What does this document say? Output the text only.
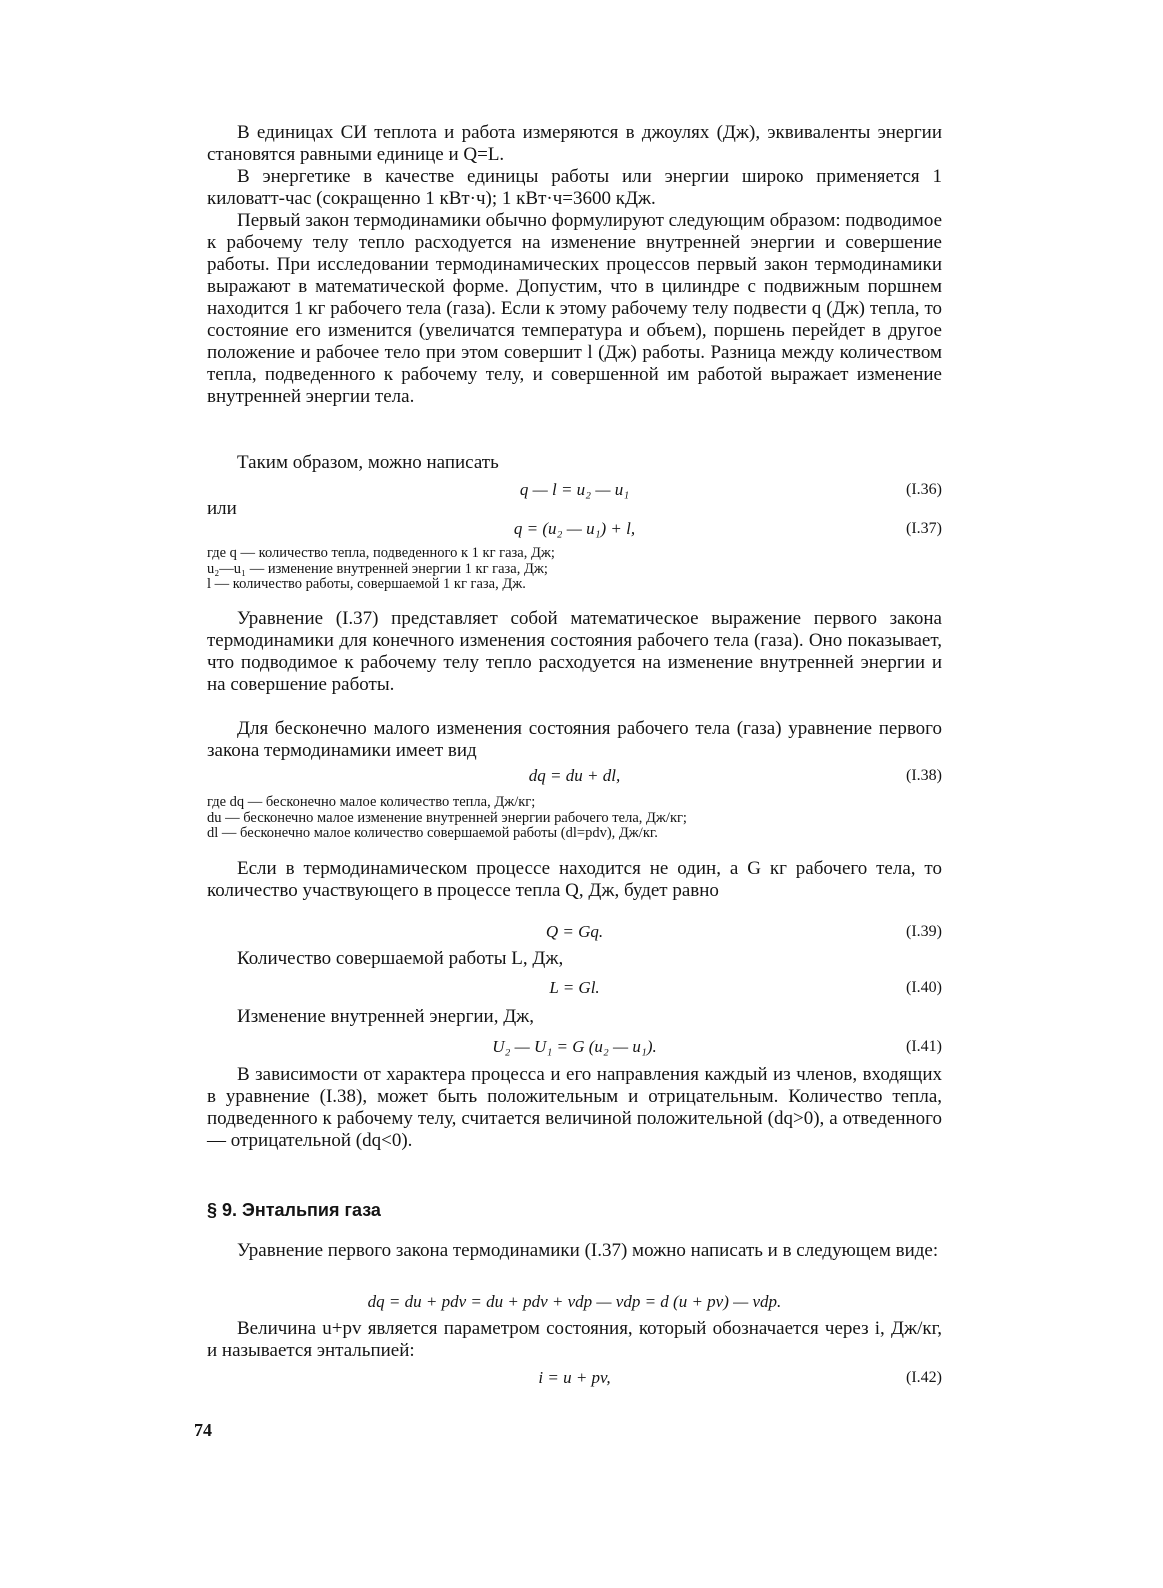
В единицах СИ теплота и работа измеряются в джоулях (Дж), эквиваленты энергии становятся равными единице и Q=L.

В энергетике в качестве единицы работы или энергии широко применяется 1 киловатт-час (сокращенно 1 кВт·ч); 1 кВт·ч=3600 кДж.

Первый закон термодинамики обычно формулируют следующим образом: подводимое к рабочему телу тепло расходуется на изменение внутренней энергии и совершение работы. При исследовании термодинамических процессов первый закон термодинамики выражают в математической форме. Допустим, что в цилиндре с подвижным поршнем находится 1 кг рабочего тела (газа). Если к этому рабочему телу подвести q (Дж) тепла, то состояние его изменится (увеличатся температура и объем), поршень перейдет в другое положение и рабочее тело при этом совершит l (Дж) работы. Разница между количеством тепла, подведенного к рабочему телу, и совершенной им работой выражает изменение внутренней энергии тела.

Таким образом, можно написать

q — l = u₂ — u₁	(I.36)
или
q = (u₂ — u₁) + l,	(I.37)
где q — количество тепла, подведенного к 1 кг газа, Дж;
u₂—u₁ — изменение внутренней энергии 1 кг газа, Дж;
l — количество работы, совершаемой 1 кг газа, Дж.

Уравнение (I.37) представляет собой математическое выражение первого закона термодинамики для конечного изменения состояния рабочего тела (газа). Оно показывает, что подводимое к рабочему телу тепло расходуется на изменение внутренней энергии и на совершение работы.

Для бесконечно малого изменения состояния рабочего тела (газа) уравнение первого закона термодинамики имеет вид

dq = du + dl,	(I.38)
где dq — бесконечно малое количество тепла, Дж/кг;
du — бесконечно малое изменение внутренней энергии рабочего тела, Дж/кг;
dl — бесконечно малое количество совершаемой работы (dl=pdv), Дж/кг.

Если в термодинамическом процессе находится не один, а G кг рабочего тела, то количество участвующего в процессе тепла Q, Дж, будет равно

Q = Gq.	(I.39)

Количество совершаемой работы L, Дж,

L = Gl.	(I.40)

Изменение внутренней энергии, Дж,

U₂ — U₁ = G (u₂ — u₁).	(I.41)

В зависимости от характера процесса и его направления каждый из членов, входящих в уравнение (I.38), может быть положительным и отрицательным. Количество тепла, подведенного к рабочему телу, считается величиной положительной (dq>0), а отведенного — отрицательной (dq<0).

§ 9. Энтальпия газа

Уравнение первого закона термодинамики (I.37) можно написать и в следующем виде:

dq = du + pdv = du + pdv + vdp — vdp = d (u + pv) — vdp.

Величина u+pv является параметром состояния, который обозначается через i, Дж/кг, и называется энтальпией:

i = u + pv,	(I.42)
74
